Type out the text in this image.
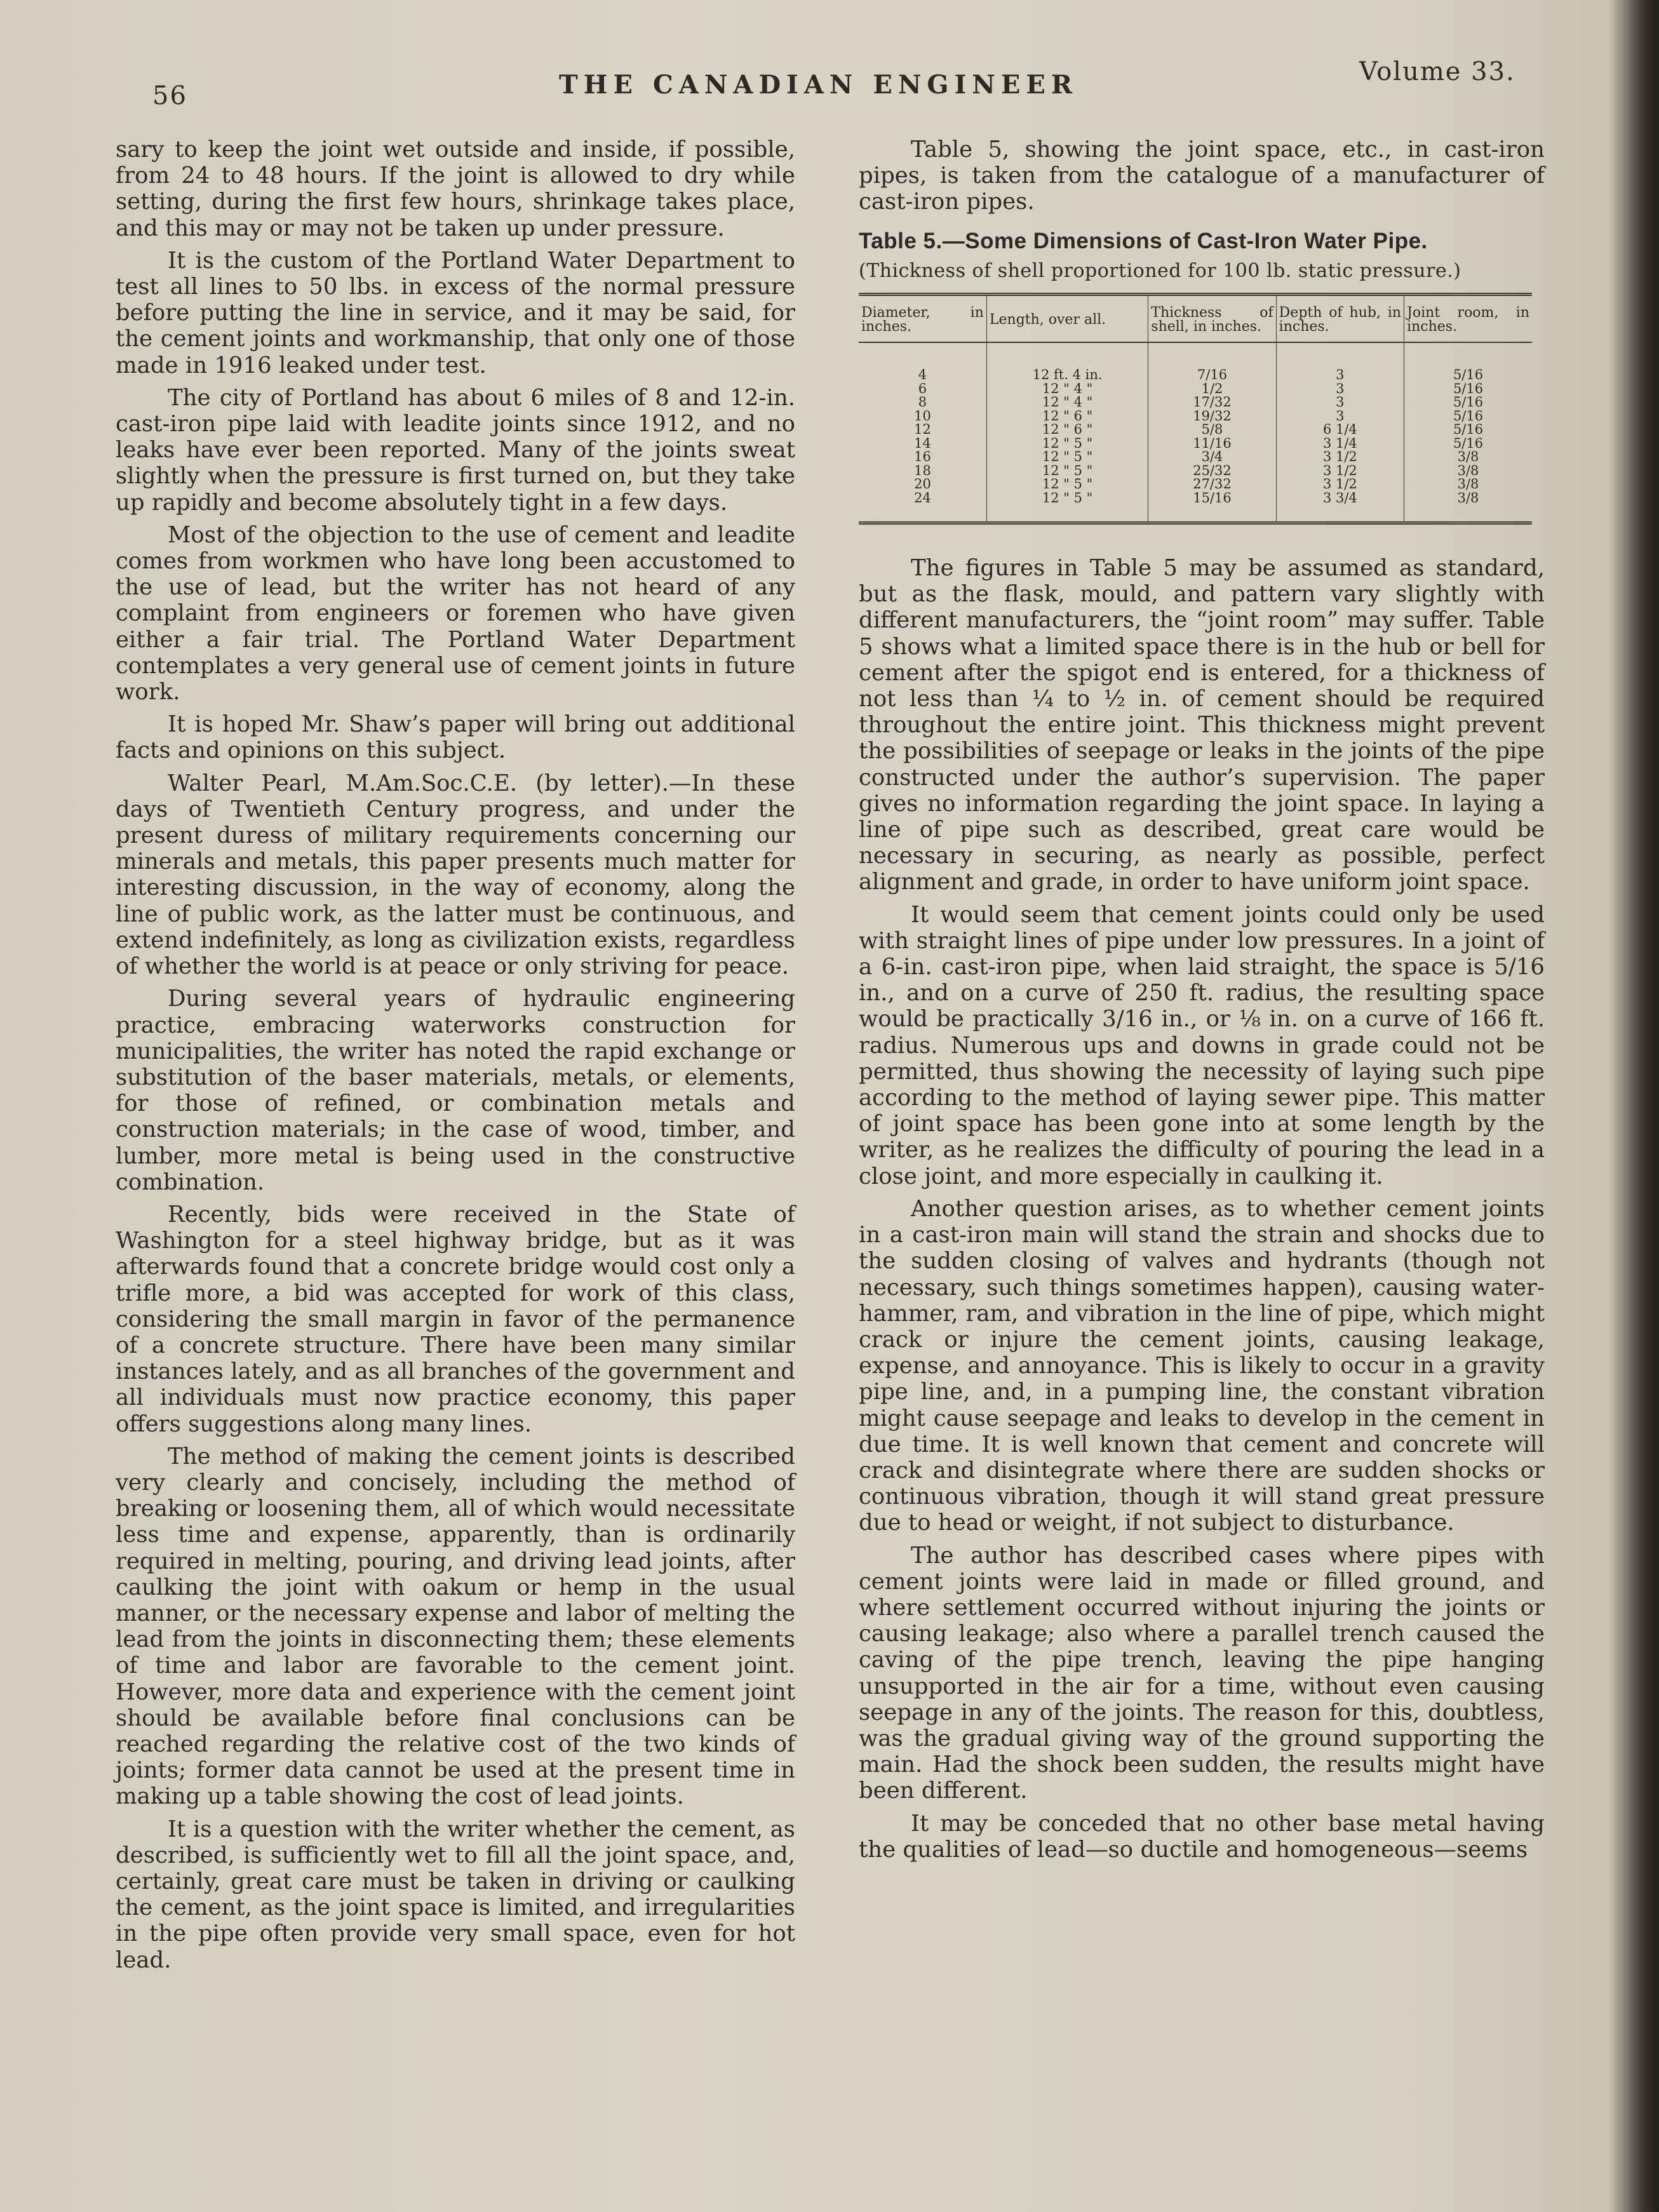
56	THE CANADIAN ENGINEER	Volume 33.

sary to keep the joint wet outside and inside, if possible, from 24 to 48 hours. If the joint is allowed to dry while setting, during the first few hours, shrinkage takes place, and this may or may not be taken up under pressure.

It is the custom of the Portland Water Department to test all lines to 50 lbs. in excess of the normal pressure before putting the line in service, and it may be said, for the cement joints and workmanship, that only one of those made in 1916 leaked under test.

The city of Portland has about 6 miles of 8 and 12-in. cast-iron pipe laid with leadite joints since 1912, and no leaks have ever been reported. Many of the joints sweat slightly when the pressure is first turned on, but they take up rapidly and become absolutely tight in a few days.

Most of the objection to the use of cement and leadite comes from workmen who have long been accustomed to the use of lead, but the writer has not heard of any complaint from engineers or foremen who have given either a fair trial. The Portland Water Department contemplates a very general use of cement joints in future work.

It is hoped Mr. Shaw’s paper will bring out additional facts and opinions on this subject.

Walter Pearl, M.Am.Soc.C.E. (by letter).—In these days of Twentieth Century progress, and under the present duress of military requirements concerning our minerals and metals, this paper presents much matter for interesting discussion, in the way of economy, along the line of public work, as the latter must be continuous, and extend indefinitely, as long as civilization exists, regardless of whether the world is at peace or only striving for peace.

During several years of hydraulic engineering practice, embracing waterworks construction for municipalities, the writer has noted the rapid exchange or substitution of the baser materials, metals, or elements, for those of refined, or combination metals and construction materials; in the case of wood, timber, and lumber, more metal is being used in the constructive combination.

Recently, bids were received in the State of Washington for a steel highway bridge, but as it was afterwards found that a concrete bridge would cost only a trifle more, a bid was accepted for work of this class, considering the small margin in favor of the permanence of a concrete structure. There have been many similar instances lately, and as all branches of the government and all individuals must now practice economy, this paper offers suggestions along many lines.

The method of making the cement joints is described very clearly and concisely, including the method of breaking or loosening them, all of which would necessitate less time and expense, apparently, than is ordinarily required in melting, pouring, and driving lead joints, after caulking the joint with oakum or hemp in the usual manner, or the necessary expense and labor of melting the lead from the joints in disconnecting them; these elements of time and labor are favorable to the cement joint. However, more data and experience with the cement joint should be available before final conclusions can be reached regarding the relative cost of the two kinds of joints; former data cannot be used at the present time in making up a table showing the cost of lead joints.

It is a question with the writer whether the cement, as described, is sufficiently wet to fill all the joint space, and, certainly, great care must be taken in driving or caulking the cement, as the joint space is limited, and irregularities in the pipe often provide very small space, even for hot lead.

Table 5, showing the joint space, etc., in cast-iron pipes, is taken from the catalogue of a manufacturer of cast-iron pipes.

Table 5.—Some Dimensions of Cast-Iron Water Pipe.

(Thickness of shell proportioned for 100 lb. static pressure.)

Diameter, in inches.	Length, over all.	Thickness of shell, in inches.	Depth of hub, in inches.	Joint room, in inches.
4	12 ft. 4 in.	7/16	3	5/16
6	12 " 4 "	1/2	3	5/16
8	12 " 4 "	17/32	3	5/16
10	12 " 6 "	19/32	3	5/16
12	12 " 6 "	5/8	6 1/4	5/16
14	12 " 5 "	11/16	3 1/4	5/16
16	12 " 5 "	3/4	3 1/2	3/8
18	12 " 5 "	25/32	3 1/2	3/8
20	12 " 5 "	27/32	3 1/2	3/8
24	12 " 5 "	15/16	3 3/4	3/8

The figures in Table 5 may be assumed as standard, but as the flask, mould, and pattern vary slightly with different manufacturers, the “joint room” may suffer. Table 5 shows what a limited space there is in the hub or bell for cement after the spigot end is entered, for a thickness of not less than ¼ to ½ in. of cement should be required throughout the entire joint. This thickness might prevent the possibilities of seepage or leaks in the joints of the pipe constructed under the author’s supervision. The paper gives no information regarding the joint space. In laying a line of pipe such as described, great care would be necessary in securing, as nearly as possible, perfect alignment and grade, in order to have uniform joint space.

It would seem that cement joints could only be used with straight lines of pipe under low pressures. In a joint of a 6-in. cast-iron pipe, when laid straight, the space is 5/16 in., and on a curve of 250 ft. radius, the resulting space would be practically 3/16 in., or ⅛ in. on a curve of 166 ft. radius. Numerous ups and downs in grade could not be permitted, thus showing the necessity of laying such pipe according to the method of laying sewer pipe. This matter of joint space has been gone into at some length by the writer, as he realizes the difficulty of pouring the lead in a close joint, and more especially in caulking it.

Another question arises, as to whether cement joints in a cast-iron main will stand the strain and shocks due to the sudden closing of valves and hydrants (though not necessary, such things sometimes happen), causing water-hammer, ram, and vibration in the line of pipe, which might crack or injure the cement joints, causing leakage, expense, and annoyance. This is likely to occur in a gravity pipe line, and, in a pumping line, the constant vibration might cause seepage and leaks to develop in the cement in due time. It is well known that cement and concrete will crack and disintegrate where there are sudden shocks or continuous vibration, though it will stand great pressure due to head or weight, if not subject to disturbance.

The author has described cases where pipes with cement joints were laid in made or filled ground, and where settlement occurred without injuring the joints or causing leakage; also where a parallel trench caused the caving of the pipe trench, leaving the pipe hanging unsupported in the air for a time, without even causing seepage in any of the joints. The reason for this, doubtless, was the gradual giving way of the ground supporting the main. Had the shock been sudden, the results might have been different.

It may be conceded that no other base metal having the qualities of lead—so ductile and homogeneous—seems
